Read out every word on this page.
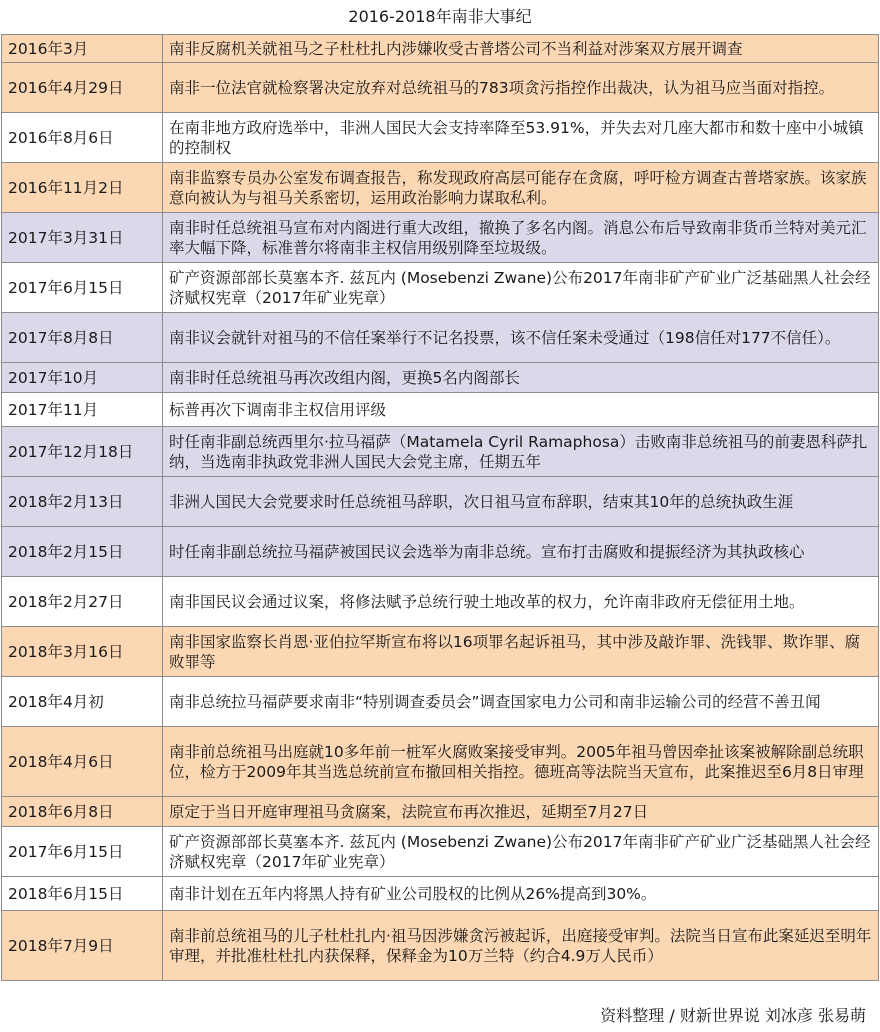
2016-2018年南非大事纪
2016年3月	南非反腐机关就祖马之子杜杜扎内涉嫌收受古普塔公司不当利益对涉案双方展开调查
2016年4月29日	南非一位法官就检察署决定放弃对总统祖马的783项贪污指控作出裁决，认为祖马应当面对指控。
2016年8月6日	在南非地方政府选举中，非洲人国民大会支持率降至53.91%，并失去对几座大都市和数十座中小城镇的控制权
2016年11月2日	南非监察专员办公室发布调查报告，称发现政府高层可能存在贪腐，呼吁检方调查古普塔家族。该家族意向被认为与祖马关系密切，运用政治影响力谋取私利。
2017年3月31日	南非时任总统祖马宣布对内阁进行重大改组，撤换了多名内阁。消息公布后导致南非货币兰特对美元汇率大幅下降，标准普尔将南非主权信用级别降至垃圾级。
2017年6月15日	矿产资源部部长莫塞本齐. 兹瓦内 (Mosebenzi Zwane)公布2017年南非矿产矿业广泛基础黑人社会经济赋权宪章（2017年矿业宪章）
2017年8月8日	南非议会就针对祖马的不信任案举行不记名投票，该不信任案未受通过（198信任对177不信任）。
2017年10月	南非时任总统祖马再次改组内阁，更换5名内阁部长
2017年11月	标普再次下调南非主权信用评级
2017年12月18日	时任南非副总统西里尔·拉马福萨（Matamela Cyril Ramaphosa）击败南非总统祖马的前妻恩科萨扎纳，当选南非执政党非洲人国民大会党主席，任期五年
2018年2月13日	非洲人国民大会党要求时任总统祖马辞职，次日祖马宣布辞职，结束其10年的总统执政生涯
2018年2月15日	时任南非副总统拉马福萨被国民议会选举为南非总统。宣布打击腐败和提振经济为其执政核心
2018年2月27日	南非国民议会通过议案，将修法赋予总统行驶土地改革的权力，允许南非政府无偿征用土地。
2018年3月16日	南非国家监察长肖恩·亚伯拉罕斯宣布将以16项罪名起诉祖马，其中涉及敲诈罪、洗钱罪、欺诈罪、腐败罪等
2018年4月初	南非总统拉马福萨要求南非“特别调查委员会”调查国家电力公司和南非运输公司的经营不善丑闻
2018年4月6日	南非前总统祖马出庭就10多年前一桩军火腐败案接受审判。2005年祖马曾因牵扯该案被解除副总统职位，检方于2009年其当选总统前宣布撤回相关指控。德班高等法院当天宣布，此案推迟至6月8日审理
2018年6月8日	原定于当日开庭审理祖马贪腐案，法院宣布再次推迟，延期至7月27日
2017年6月15日	矿产资源部部长莫塞本齐. 兹瓦内 (Mosebenzi Zwane)公布2017年南非矿产矿业广泛基础黑人社会经济赋权宪章（2017年矿业宪章）
2018年6月15日	南非计划在五年内将黑人持有矿业公司股权的比例从26%提高到30%。
2018年7月9日	南非前总统祖马的儿子杜杜扎内·祖马因涉嫌贪污被起诉，出庭接受审判。法院当日宣布此案延迟至明年审理，并批准杜杜扎内获保释，保释金为10万兰特（约合4.9万人民币）
资料整理 / 财新世界说 刘冰彦 张易萌
